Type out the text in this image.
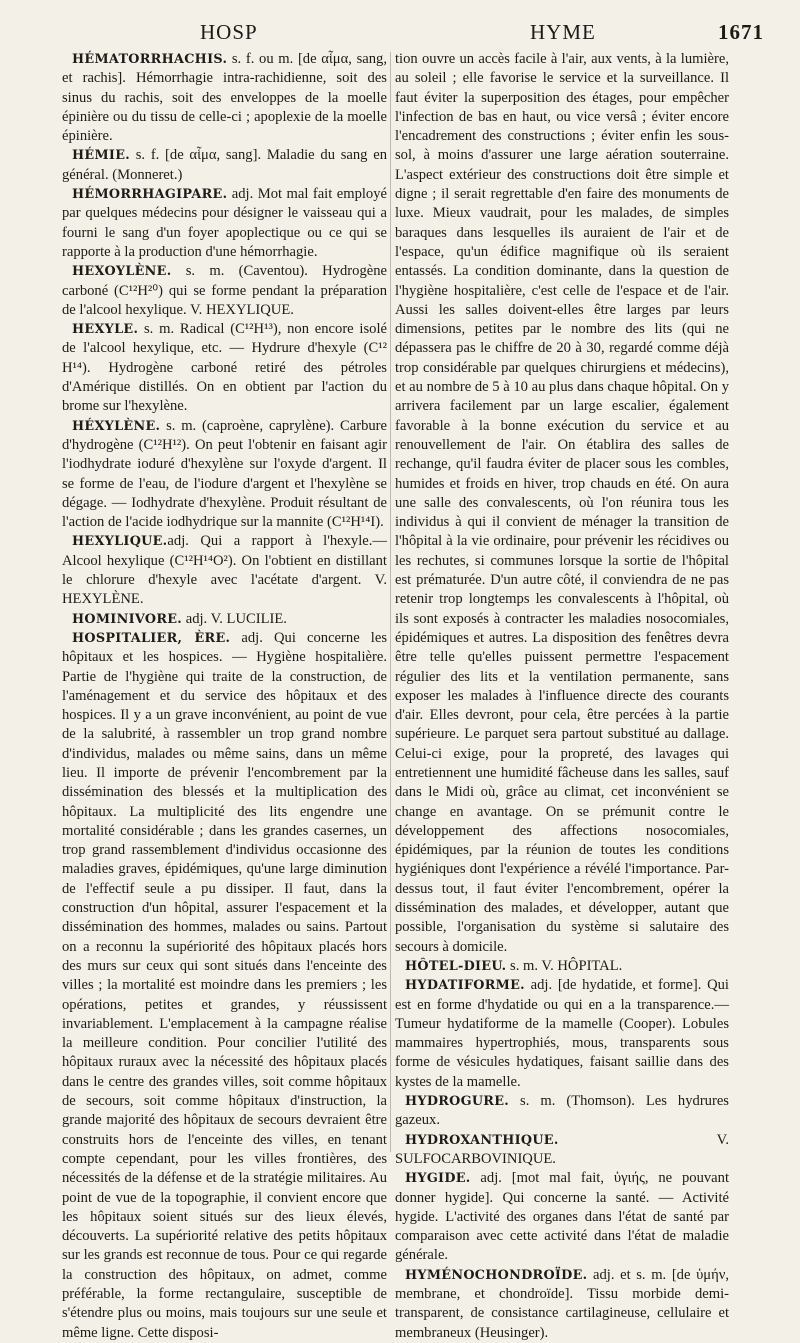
HOSP	HYME	1671

HÉMATORRHACHIS. s. f. ou m. [de αἷμα, sang, et rachis]. Hémorrhagie intra-rachidienne, soit des sinus du rachis, soit des enveloppes de la moelle épinière ou du tissu de celle-ci ; apoplexie de la moelle épinière.

HÉMIE. s. f. [de αἷμα, sang]. Maladie du sang en général. (Monneret.)

HÉMORRHAGIPARE. adj. Mot mal fait employé par quelques médecins pour désigner le vaisseau qui a fourni le sang d'un foyer apoplectique ou ce qui se rapporte à la production d'une hémorrhagie.

HEXOYLÈNE. s. m. (Caventou). Hydrogène carboné (C¹²H²⁰) qui se forme pendant la préparation de l'alcool hexylique. V. HEXYLIQUE.

HEXYLE. s. m. Radical (C¹²H¹³), non encore isolé de l'alcool hexylique, etc. — Hydrure d'hexyle (C¹² H¹⁴). Hydrogène carboné retiré des pétroles d'Amérique distillés. On en obtient par l'action du brome sur l'hexylène.

HÉXYLÈNE. s. m. (caproène, caprylène). Carbure d'hydrogène (C¹²H¹²). On peut l'obtenir en faisant agir l'iodhydrate ioduré d'hexylène sur l'oxyde d'argent. Il se forme de l'eau, de l'iodure d'argent et l'hexylène se dégage. — Iodhydrate d'hexylène. Produit résultant de l'action de l'acide iodhydrique sur la mannite (C¹²H¹⁴I).

HEXYLIQUE.adj. Qui a rapport à l'hexyle.—Alcool hexylique (C¹²H¹⁴O²). On l'obtient en distillant le chlorure d'hexyle avec l'acétate d'argent. V. HEXYLÈNE.

HOMINIVORE. adj. V. LUCILIE.

HOSPITALIER, ÈRE. adj. Qui concerne les hôpitaux et les hospices. — Hygiène hospitalière. Partie de l'hygiène qui traite de la construction, de l'aménagement et du service des hôpitaux et des hospices. Il y a un grave inconvénient, au point de vue de la salubrité, à rassembler un trop grand nombre d'individus, malades ou même sains, dans un même lieu. Il importe de prévenir l'encombrement par la dissémination des blessés et la multiplication des hôpitaux. La multiplicité des lits engendre une mortalité considérable ; dans les grandes casernes, un trop grand rassemblement d'individus occasionne des maladies graves, épidémiques, qu'une large diminution de l'effectif seule a pu dissiper. Il faut, dans la construction d'un hôpital, assurer l'espacement et la dissémination des hommes, malades ou sains. Partout on a reconnu la supériorité des hôpitaux placés hors des murs sur ceux qui sont situés dans l'enceinte des villes ; la mortalité est moindre dans les premiers ; les opérations, petites et grandes, y réussissent invariablement. L'emplacement à la campagne réalise la meilleure condition. Pour concilier l'utilité des hôpitaux ruraux avec la nécessité des hôpitaux placés dans le centre des grandes villes, soit comme hôpitaux de secours, soit comme hôpitaux d'instruction, la grande majorité des hôpitaux de secours devraient être construits hors de l'enceinte des villes, en tenant compte cependant, pour les villes frontières, des nécessités de la défense et de la stratégie militaires. Au point de vue de la topographie, il convient encore que les hôpitaux soient situés sur des lieux élevés, découverts. La supériorité relative des petits hôpitaux sur les grands est reconnue de tous. Pour ce qui regarde la construction des hôpitaux, on admet, comme préférable, la forme rectangulaire, susceptible de s'étendre plus ou moins, mais toujours sur une seule et même ligne. Cette disposi-

tion ouvre un accès facile à l'air, aux vents, à la lumière, au soleil ; elle favorise le service et la surveillance. Il faut éviter la superposition des étages, pour empêcher l'infection de bas en haut, ou vice versâ ; éviter encore l'encadrement des constructions ; éviter enfin les sous-sol, à moins d'assurer une large aération souterraine. L'aspect extérieur des constructions doit être simple et digne ; il serait regrettable d'en faire des monuments de luxe. Mieux vaudrait, pour les malades, de simples baraques dans lesquelles ils auraient de l'air et de l'espace, qu'un édifice magnifique où ils seraient entassés. La condition dominante, dans la question de l'hygiène hospitalière, c'est celle de l'espace et de l'air. Aussi les salles doivent-elles être larges par leurs dimensions, petites par le nombre des lits (qui ne dépassera pas le chiffre de 20 à 30, regardé comme déjà trop considérable par quelques chirurgiens et médecins), et au nombre de 5 à 10 au plus dans chaque hôpital. On y arrivera facilement par un large escalier, également favorable à la bonne exécution du service et au renouvellement de l'air. On établira des salles de rechange, qu'il faudra éviter de placer sous les combles, humides et froids en hiver, trop chauds en été. On aura une salle des convalescents, où l'on réunira tous les individus à qui il convient de ménager la transition de l'hôpital à la vie ordinaire, pour prévenir les récidives ou les rechutes, si communes lorsque la sortie de l'hôpital est prématurée. D'un autre côté, il conviendra de ne pas retenir trop longtemps les convalescents à l'hôpital, où ils sont exposés à contracter les maladies nosocomiales, épidémiques et autres. La disposition des fenêtres devra être telle qu'elles puissent permettre l'espacement régulier des lits et la ventilation permanente, sans exposer les malades à l'influence directe des courants d'air. Elles devront, pour cela, être percées à la partie supérieure. Le parquet sera partout substitué au dallage. Celui-ci exige, pour la propreté, des lavages qui entretiennent une humidité fâcheuse dans les salles, sauf dans le Midi où, grâce au climat, cet inconvénient se change en avantage. On se prémunit contre le développement des affections nosocomiales, épidémiques, par la réunion de toutes les conditions hygiéniques dont l'expérience a révélé l'importance. Par-dessus tout, il faut éviter l'encombrement, opérer la dissémination des malades, et développer, autant que possible, l'organisation du système si salutaire des secours à domicile.

HÔTEL-DIEU. s. m. V. HÔPITAL.

HYDATIFORME. adj. [de hydatide, et forme]. Qui est en forme d'hydatide ou qui en a la transparence.— Tumeur hydatiforme de la mamelle (Cooper). Lobules mammaires hypertrophiés, mous, transparents sous forme de vésicules hydatiques, faisant saillie dans des kystes de la mamelle.

HYDROGURE. s. m. (Thomson). Les hydrures gazeux.

HYDROXANTHIQUE. V. SULFOCARBOVINIQUE.

HYGIDE. adj. [mot mal fait, ὑγιής, ne pouvant donner hygide]. Qui concerne la santé. — Activité hygide. L'activité des organes dans l'état de santé par comparaison avec cette activité dans l'état de maladie générale.

HYMÉNOCHONDROÏDE. adj. et s. m. [de ὑμήν, membrane, et chondroïde]. Tissu morbide demi-transparent, de consistance cartilagineuse, cellulaire et membraneux (Heusinger).
